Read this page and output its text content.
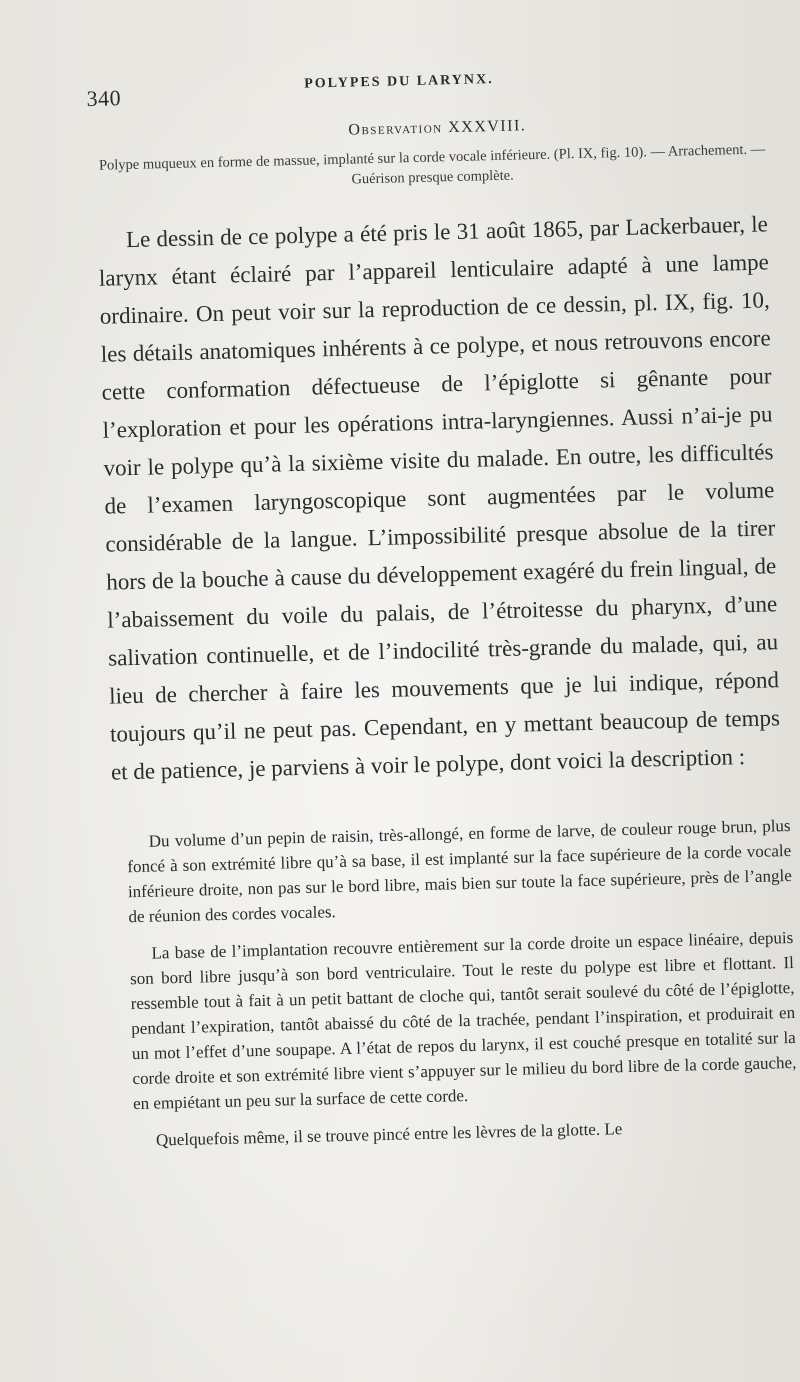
340
POLYPES DU LARYNX.
Observation XXXVIII.
Polype muqueux en forme de massue, implanté sur la corde vocale inférieure. (Pl. IX, fig. 10). — Arrachement. — Guérison presque complète.

Le dessin de ce polype a été pris le 31 août 1865, par Lackerbauer, le larynx étant éclairé par l’appareil lenticulaire adapté à une lampe ordinaire. On peut voir sur la reproduction de ce dessin, pl. IX, fig. 10, les détails anatomiques inhérents à ce polype, et nous retrouvons encore cette conformation défectueuse de l’épiglotte si gênante pour l’exploration et pour les opérations intra-laryngiennes. Aussi n’ai-je pu voir le polype qu’à la sixième visite du malade. En outre, les difficultés de l’examen laryngoscopique sont augmentées par le volume considérable de la langue. L’impossibilité presque absolue de la tirer hors de la bouche à cause du développement exagéré du frein lingual, de l’abaissement du voile du palais, de l’étroitesse du pharynx, d’une salivation continuelle, et de l’indocilité très-grande du malade, qui, au lieu de chercher à faire les mouvements que je lui indique, répond toujours qu’il ne peut pas. Cependant, en y mettant beaucoup de temps et de patience, je parviens à voir le polype, dont voici la description :

Du volume d’un pepin de raisin, très-allongé, en forme de larve, de couleur rouge brun, plus foncé à son extrémité libre qu’à sa base, il est implanté sur la face supérieure de la corde vocale inférieure droite, non pas sur le bord libre, mais bien sur toute la face supérieure, près de l’angle de réunion des cordes vocales.

La base de l’implantation recouvre entièrement sur la corde droite un espace linéaire, depuis son bord libre jusqu’à son bord ventriculaire. Tout le reste du polype est libre et flottant. Il ressemble tout à fait à un petit battant de cloche qui, tantôt serait soulevé du côté de l’épiglotte, pendant l’expiration, tantôt abaissé du côté de la trachée, pendant l’inspiration, et produirait en un mot l’effet d’une soupape. A l’état de repos du larynx, il est couché presque en totalité sur la corde droite et son extrémité libre vient s’appuyer sur le milieu du bord libre de la corde gauche, en empiétant un peu sur la surface de cette corde.

Quelquefois même, il se trouve pincé entre les lèvres de la glotte. Le
